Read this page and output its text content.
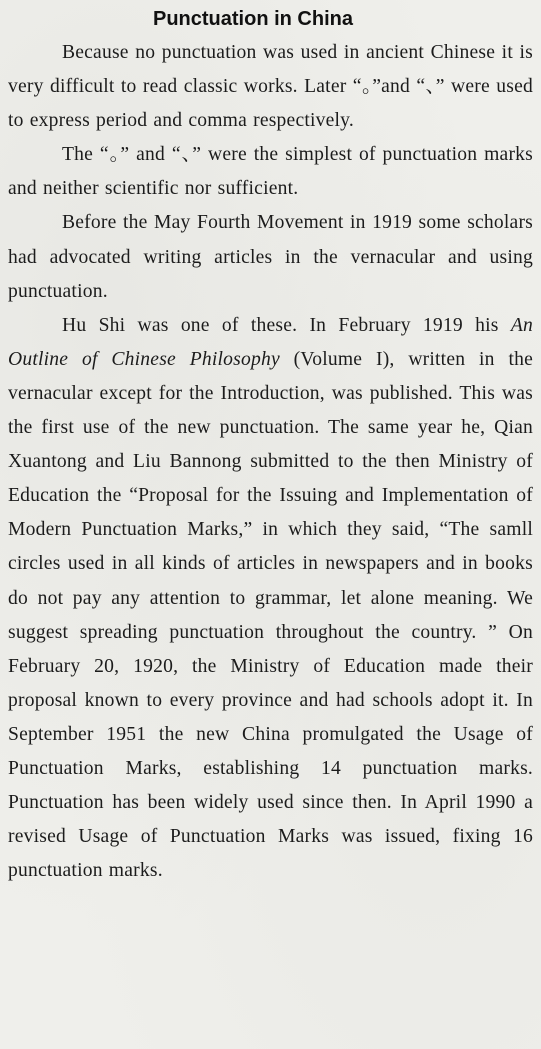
Punctuation in China

Because no punctuation was used in ancient Chinese it is very difficult to read classic works. Later “。”and “、” were used to express period and comma respectively.

The “。” and “、” were the simplest of punctuation marks and neither scientific nor sufficient.

Before the May Fourth Movement in 1919 some scholars had advocated writing articles in the vernacular and using punctuation.

Hu Shi was one of these. In February 1919 his An Outline of Chinese Philosophy (Volume I), written in the vernacular except for the Introduction, was published. This was the first use of the new punctuation. The same year he, Qian Xuantong and Liu Bannong submitted to the then Ministry of Education the “Proposal for the Issuing and Implementation of Modern Punctuation Marks,” in which they said, “The samll circles used in all kinds of articles in newspapers and in books do not pay any attention to grammar, let alone meaning. We suggest spreading punctuation throughout the country. ” On February 20, 1920, the Ministry of Education made their proposal known to every province and had schools adopt it. In September 1951 the new China promulgated the Usage of Punctuation Marks, establishing 14 punctuation marks. Punctuation has been widely used since then. In April 1990 a revised Usage of Punctuation Marks was issued, fixing 16 punctuation marks.
